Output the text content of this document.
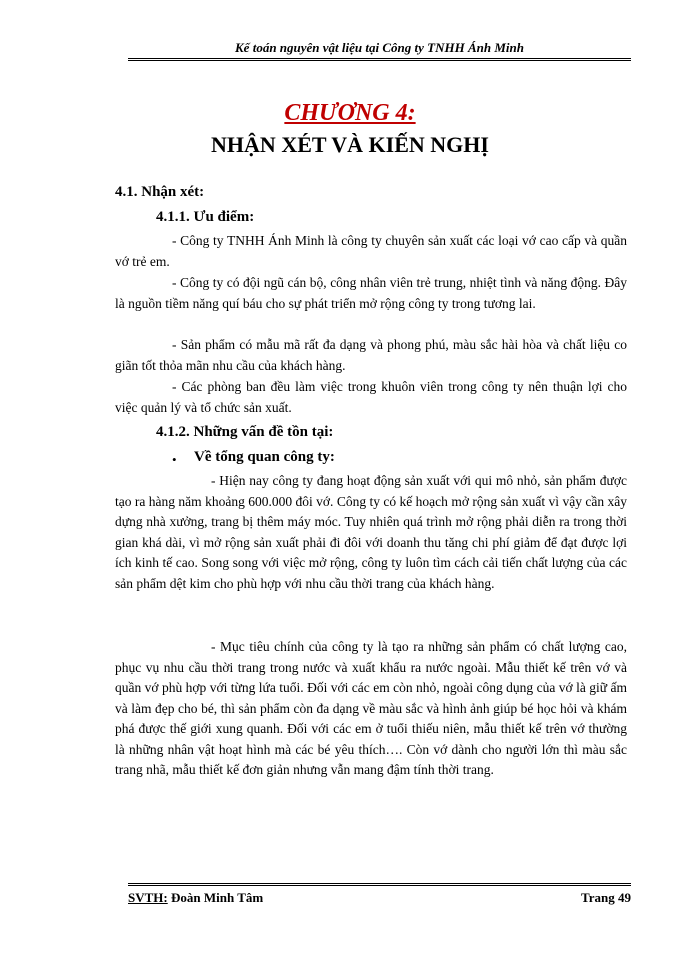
Kế toán nguyên vật liệu tại Công ty TNHH Ánh Minh
CHƯƠNG 4:
NHẬN XÉT VÀ KIẾN NGHỊ
4.1. Nhận xét:
4.1.1. Ưu điểm:
- Công ty TNHH Ánh Minh là công ty chuyên sản xuất các loại vớ cao cấp và quần vớ trẻ em.
- Công ty có đội ngũ cán bộ, công nhân viên trẻ trung, nhiệt tình và năng động. Đây là nguồn tiềm năng quí báu cho sự phát triển mở rộng công ty trong tương lai.
- Sản phẩm có mẫu mã rất đa dạng và phong phú, màu sắc hài hòa và chất liệu co giãn tốt thỏa mãn nhu cầu của khách hàng.
- Các phòng ban đều làm việc trong khuôn viên trong công ty nên thuận lợi cho việc quản lý và tổ chức sản xuất.
4.1.2. Những vấn đề tồn tại:
• Về tổng quan công ty:
- Hiện nay công ty đang hoạt động sản xuất với qui mô nhỏ, sản phẩm được tạo ra hàng năm khoảng 600.000 đôi vớ. Công ty có kế hoạch mở rộng sản xuất vì vậy cần xây dựng nhà xưởng, trang bị thêm máy móc. Tuy nhiên quá trình mở rộng phải diễn ra trong thời gian khá dài, vì mở rộng sản xuất phải đi đôi với doanh thu tăng chi phí giảm để đạt được lợi ích kinh tế cao. Song song với việc mở rộng, công ty luôn tìm cách cải tiến chất lượng của các sản phẩm dệt kim cho phù hợp với nhu cầu thời trang của khách hàng.
- Mục tiêu chính của công ty là tạo ra những sản phẩm có chất lượng cao, phục vụ nhu cầu thời trang trong nước và xuất khẩu ra nước ngoài. Mẫu thiết kế trên vớ và quần vớ phù hợp với từng lứa tuổi. Đối với các em còn nhỏ, ngoài công dụng của vớ là giữ ấm và làm đẹp cho bé, thì sản phẩm còn đa dạng về màu sắc và hình ảnh giúp bé học hỏi và khám phá được thế giới xung quanh. Đối với các em ở tuổi thiếu niên, mẫu thiết kế trên vớ thường là những nhân vật hoạt hình mà các bé yêu thích…. Còn vớ dành cho người lớn thì màu sắc trang nhã, mẫu thiết kế đơn giản nhưng vẫn mang đậm tính thời trang.
SVTH: Đoàn Minh Tâm	Trang 49
